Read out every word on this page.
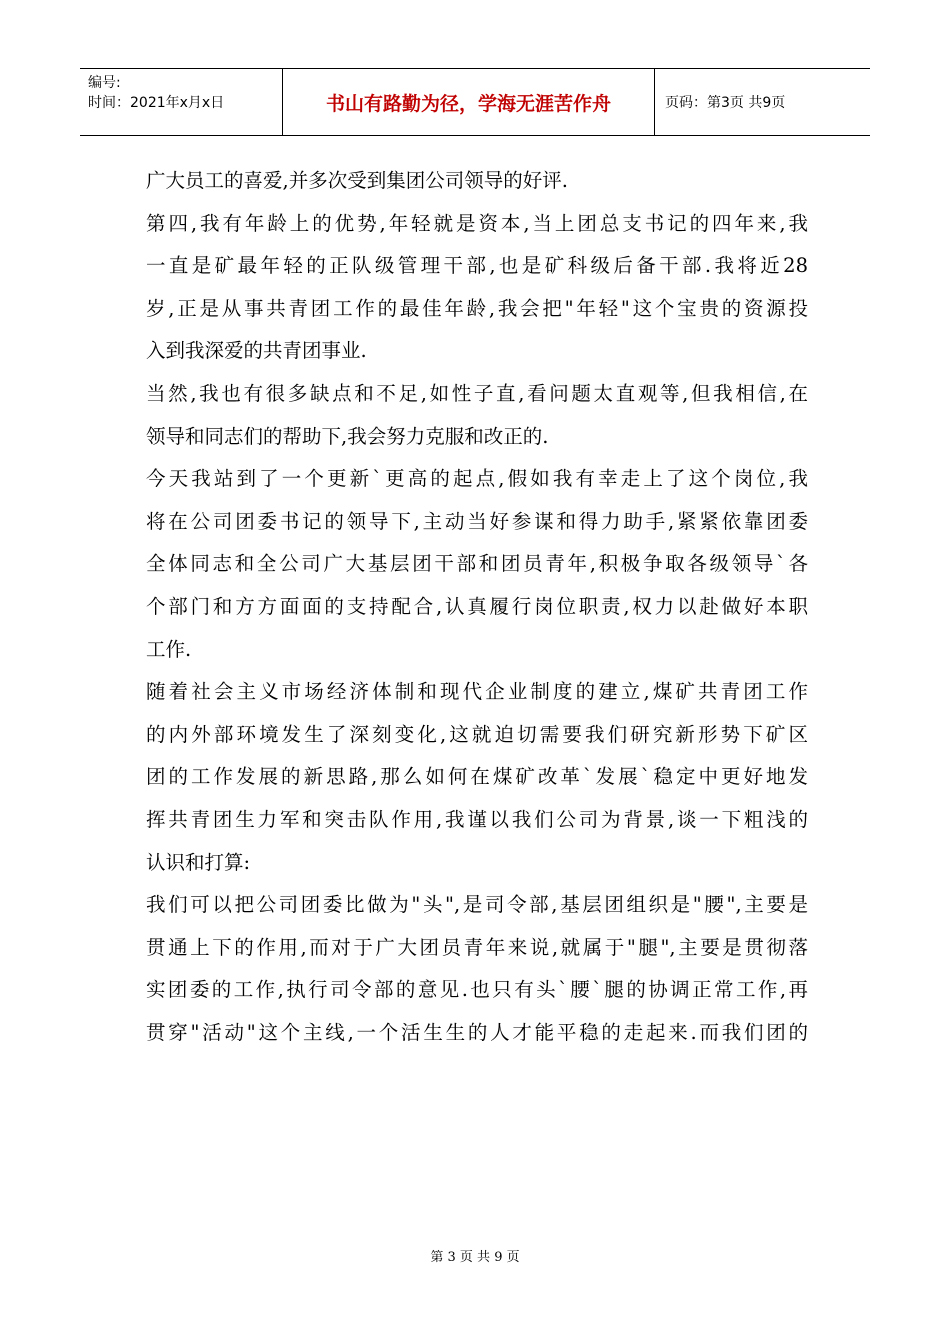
编号:
时间：2021年x月x日	书山有路勤为径，学海无涯苦作舟	页码：第3页 共9页

广大员工的喜爱,并多次受到集团公司领导的好评.

第四,我有年龄上的优势,年轻就是资本,当上团总支书记的四年来,我

一直是矿最年轻的正队级管理干部,也是矿科级后备干部.我将近28

岁,正是从事共青团工作的最佳年龄,我会把"年轻"这个宝贵的资源投

入到我深爱的共青团事业.

当然,我也有很多缺点和不足,如性子直,看问题太直观等,但我相信,在

领导和同志们的帮助下,我会努力克服和改正的.

今天我站到了一个更新`更高的起点,假如我有幸走上了这个岗位,我

将在公司团委书记的领导下,主动当好参谋和得力助手,紧紧依靠团委

全体同志和全公司广大基层团干部和团员青年,积极争取各级领导`各

个部门和方方面面的支持配合,认真履行岗位职责,权力以赴做好本职

工作.

随着社会主义市场经济体制和现代企业制度的建立,煤矿共青团工作

的内外部环境发生了深刻变化,这就迫切需要我们研究新形势下矿区

团的工作发展的新思路,那么如何在煤矿改革`发展`稳定中更好地发

挥共青团生力军和突击队作用,我谨以我们公司为背景,谈一下粗浅的

认识和打算:

我们可以把公司团委比做为"头",是司令部,基层团组织是"腰",主要是

贯通上下的作用,而对于广大团员青年来说,就属于"腿",主要是贯彻落

实团委的工作,执行司令部的意见.也只有头`腰`腿的协调正常工作,再

贯穿"活动"这个主线,一个活生生的人才能平稳的走起来.而我们团的

第 3 页 共 9 页
